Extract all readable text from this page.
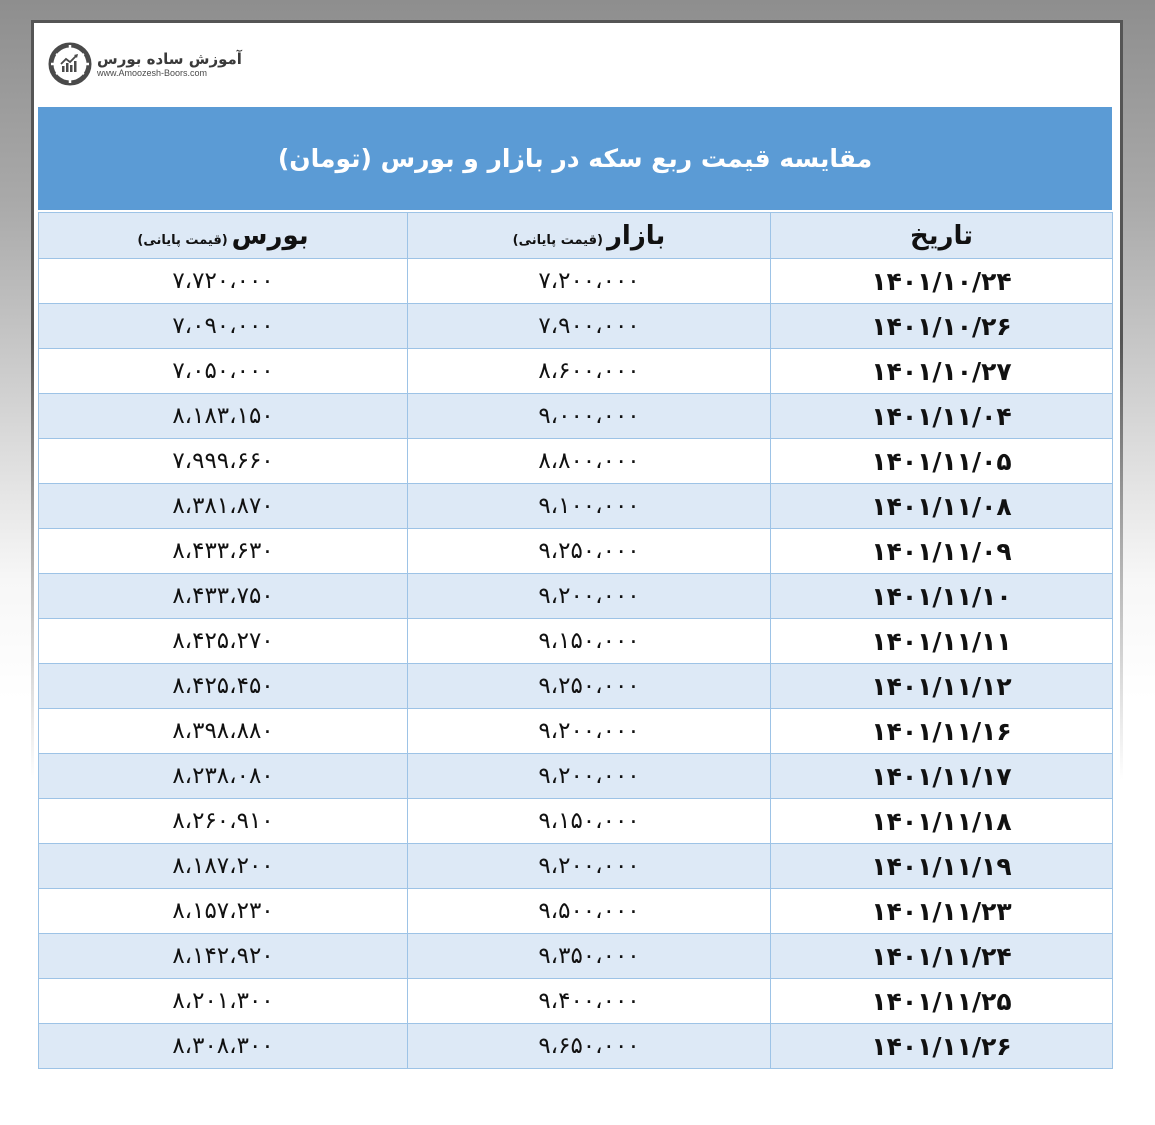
آموزش ساده بورس
www.Amoozesh-Boors.com
مقایسه قیمت ربع سکه در بازار و بورس (تومان)
تاریخ	بازار(قیمت پایانی)	بورس(قیمت پایانی)
۱۴۰۱/۱۰/۲۴	۷،۲۰۰،۰۰۰	۷،۷۲۰،۰۰۰
۱۴۰۱/۱۰/۲۶	۷،۹۰۰،۰۰۰	۷،۰۹۰،۰۰۰
۱۴۰۱/۱۰/۲۷	۸،۶۰۰،۰۰۰	۷،۰۵۰،۰۰۰
۱۴۰۱/۱۱/۰۴	۹،۰۰۰،۰۰۰	۸،۱۸۳،۱۵۰
۱۴۰۱/۱۱/۰۵	۸،۸۰۰،۰۰۰	۷،۹۹۹،۶۶۰
۱۴۰۱/۱۱/۰۸	۹،۱۰۰،۰۰۰	۸،۳۸۱،۸۷۰
۱۴۰۱/۱۱/۰۹	۹،۲۵۰،۰۰۰	۸،۴۳۳،۶۳۰
۱۴۰۱/۱۱/۱۰	۹،۲۰۰،۰۰۰	۸،۴۳۳،۷۵۰
۱۴۰۱/۱۱/۱۱	۹،۱۵۰،۰۰۰	۸،۴۲۵،۲۷۰
۱۴۰۱/۱۱/۱۲	۹،۲۵۰،۰۰۰	۸،۴۲۵،۴۵۰
۱۴۰۱/۱۱/۱۶	۹،۲۰۰،۰۰۰	۸،۳۹۸،۸۸۰
۱۴۰۱/۱۱/۱۷	۹،۲۰۰،۰۰۰	۸،۲۳۸،۰۸۰
۱۴۰۱/۱۱/۱۸	۹،۱۵۰،۰۰۰	۸،۲۶۰،۹۱۰
۱۴۰۱/۱۱/۱۹	۹،۲۰۰،۰۰۰	۸،۱۸۷،۲۰۰
۱۴۰۱/۱۱/۲۳	۹،۵۰۰،۰۰۰	۸،۱۵۷،۲۳۰
۱۴۰۱/۱۱/۲۴	۹،۳۵۰،۰۰۰	۸،۱۴۲،۹۲۰
۱۴۰۱/۱۱/۲۵	۹،۴۰۰،۰۰۰	۸،۲۰۱،۳۰۰
۱۴۰۱/۱۱/۲۶	۹،۶۵۰،۰۰۰	۸،۳۰۸،۳۰۰
